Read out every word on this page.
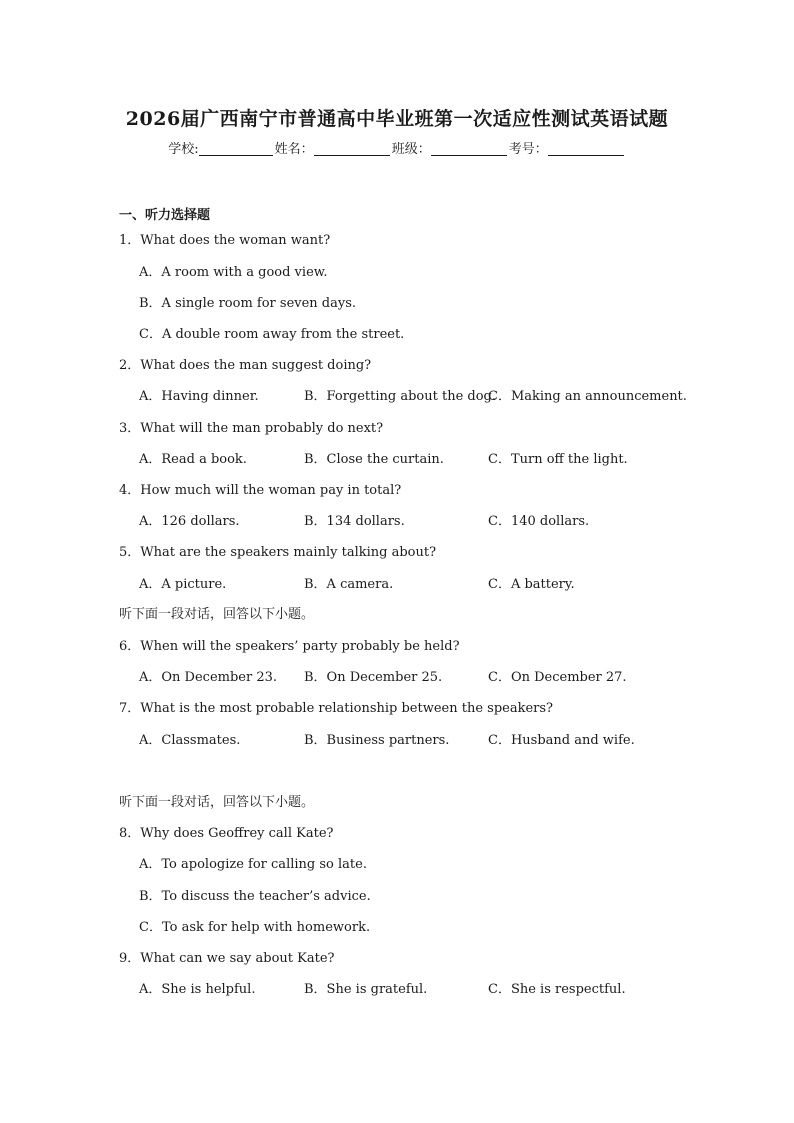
2026届广西南宁市普通高中毕业班第一次适应性测试英语试题
学校:	姓名：	班级：	考号：
一、听力选择题
1．What does the woman want?
A．A room with a good view.
B．A single room for seven days.
C．A double room away from the street.
2．What does the man suggest doing?
A．Having dinner.	B．Forgetting about the dog.
C．Making an announcement.
3．What will the man probably do next?
A．Read a book.	B．Close the curtain.	C．Turn off the light.
4．How much will the woman pay in total?
A．126 dollars.	B．134 dollars.	C．140 dollars.
5．What are the speakers mainly talking about?
A．A picture.	B．A camera.	C．A battery.
听下面一段对话，回答以下小题。
6．When will the speakers’ party probably be held?
A．On December 23. B．On December 25.	C．On December 27.
7．What is the most probable relationship between the speakers?
A．Classmates.	B．Business partners.	C．Husband and wife.
听下面一段对话，回答以下小题。
8．Why does Geoffrey call Kate?
A．To apologize for calling so late.
B．To discuss the teacher’s advice.
C．To ask for help with homework.
9．What can we say about Kate?
A．She is helpful.	B．She is grateful.	C．She is respectful.
